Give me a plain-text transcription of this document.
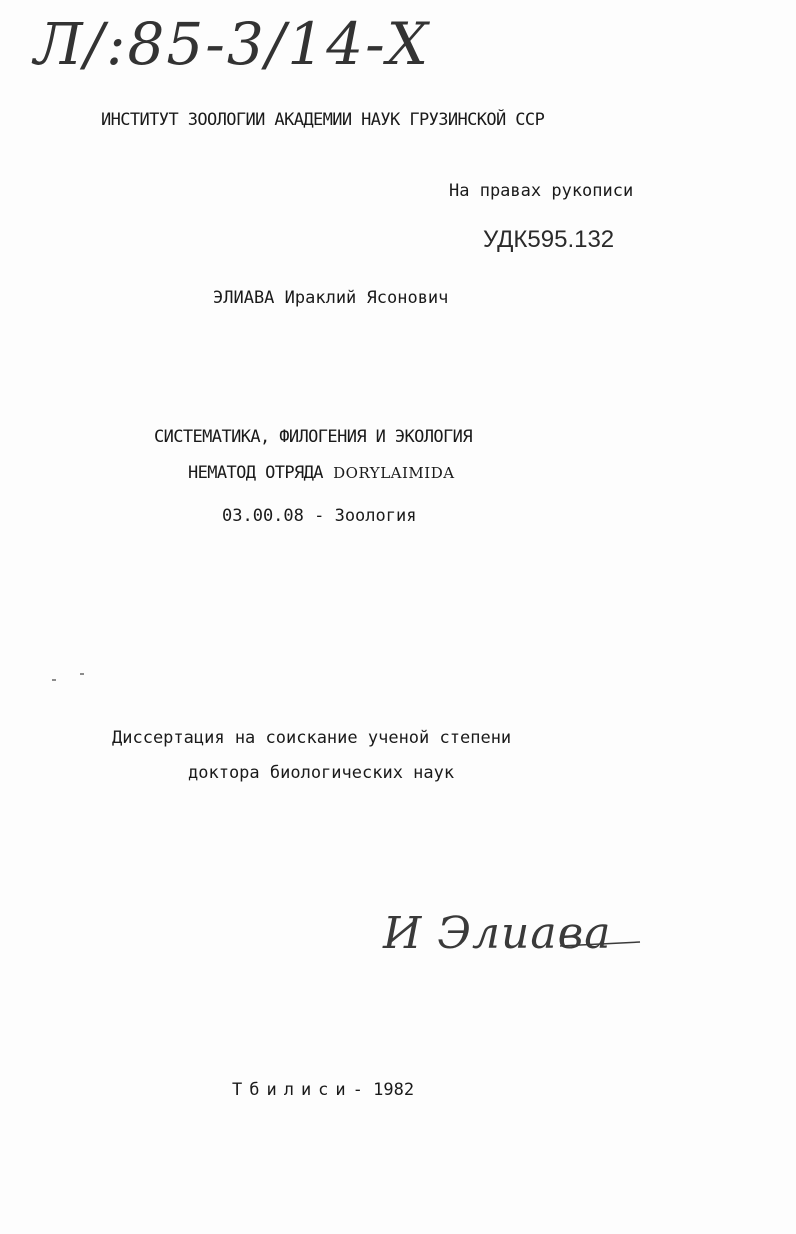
Л/:85-3/14-Х
ИНСТИТУТ ЗООЛОГИИ АКАДЕМИИ НАУК ГРУЗИНСКОЙ ССР
На правах рукописи
УДК595.132
ЭЛИАВА Ираклий Ясонович
СИСТЕМАТИКА, ФИЛОГЕНИЯ И ЭКОЛОГИЯ
НЕМАТОД ОТРЯДА DORYLAIMIDA
03.00.08 - Зоология
Диссертация на соискание ученой степени
доктора биологических наук
И Элиава
Тбилиси- 1982
